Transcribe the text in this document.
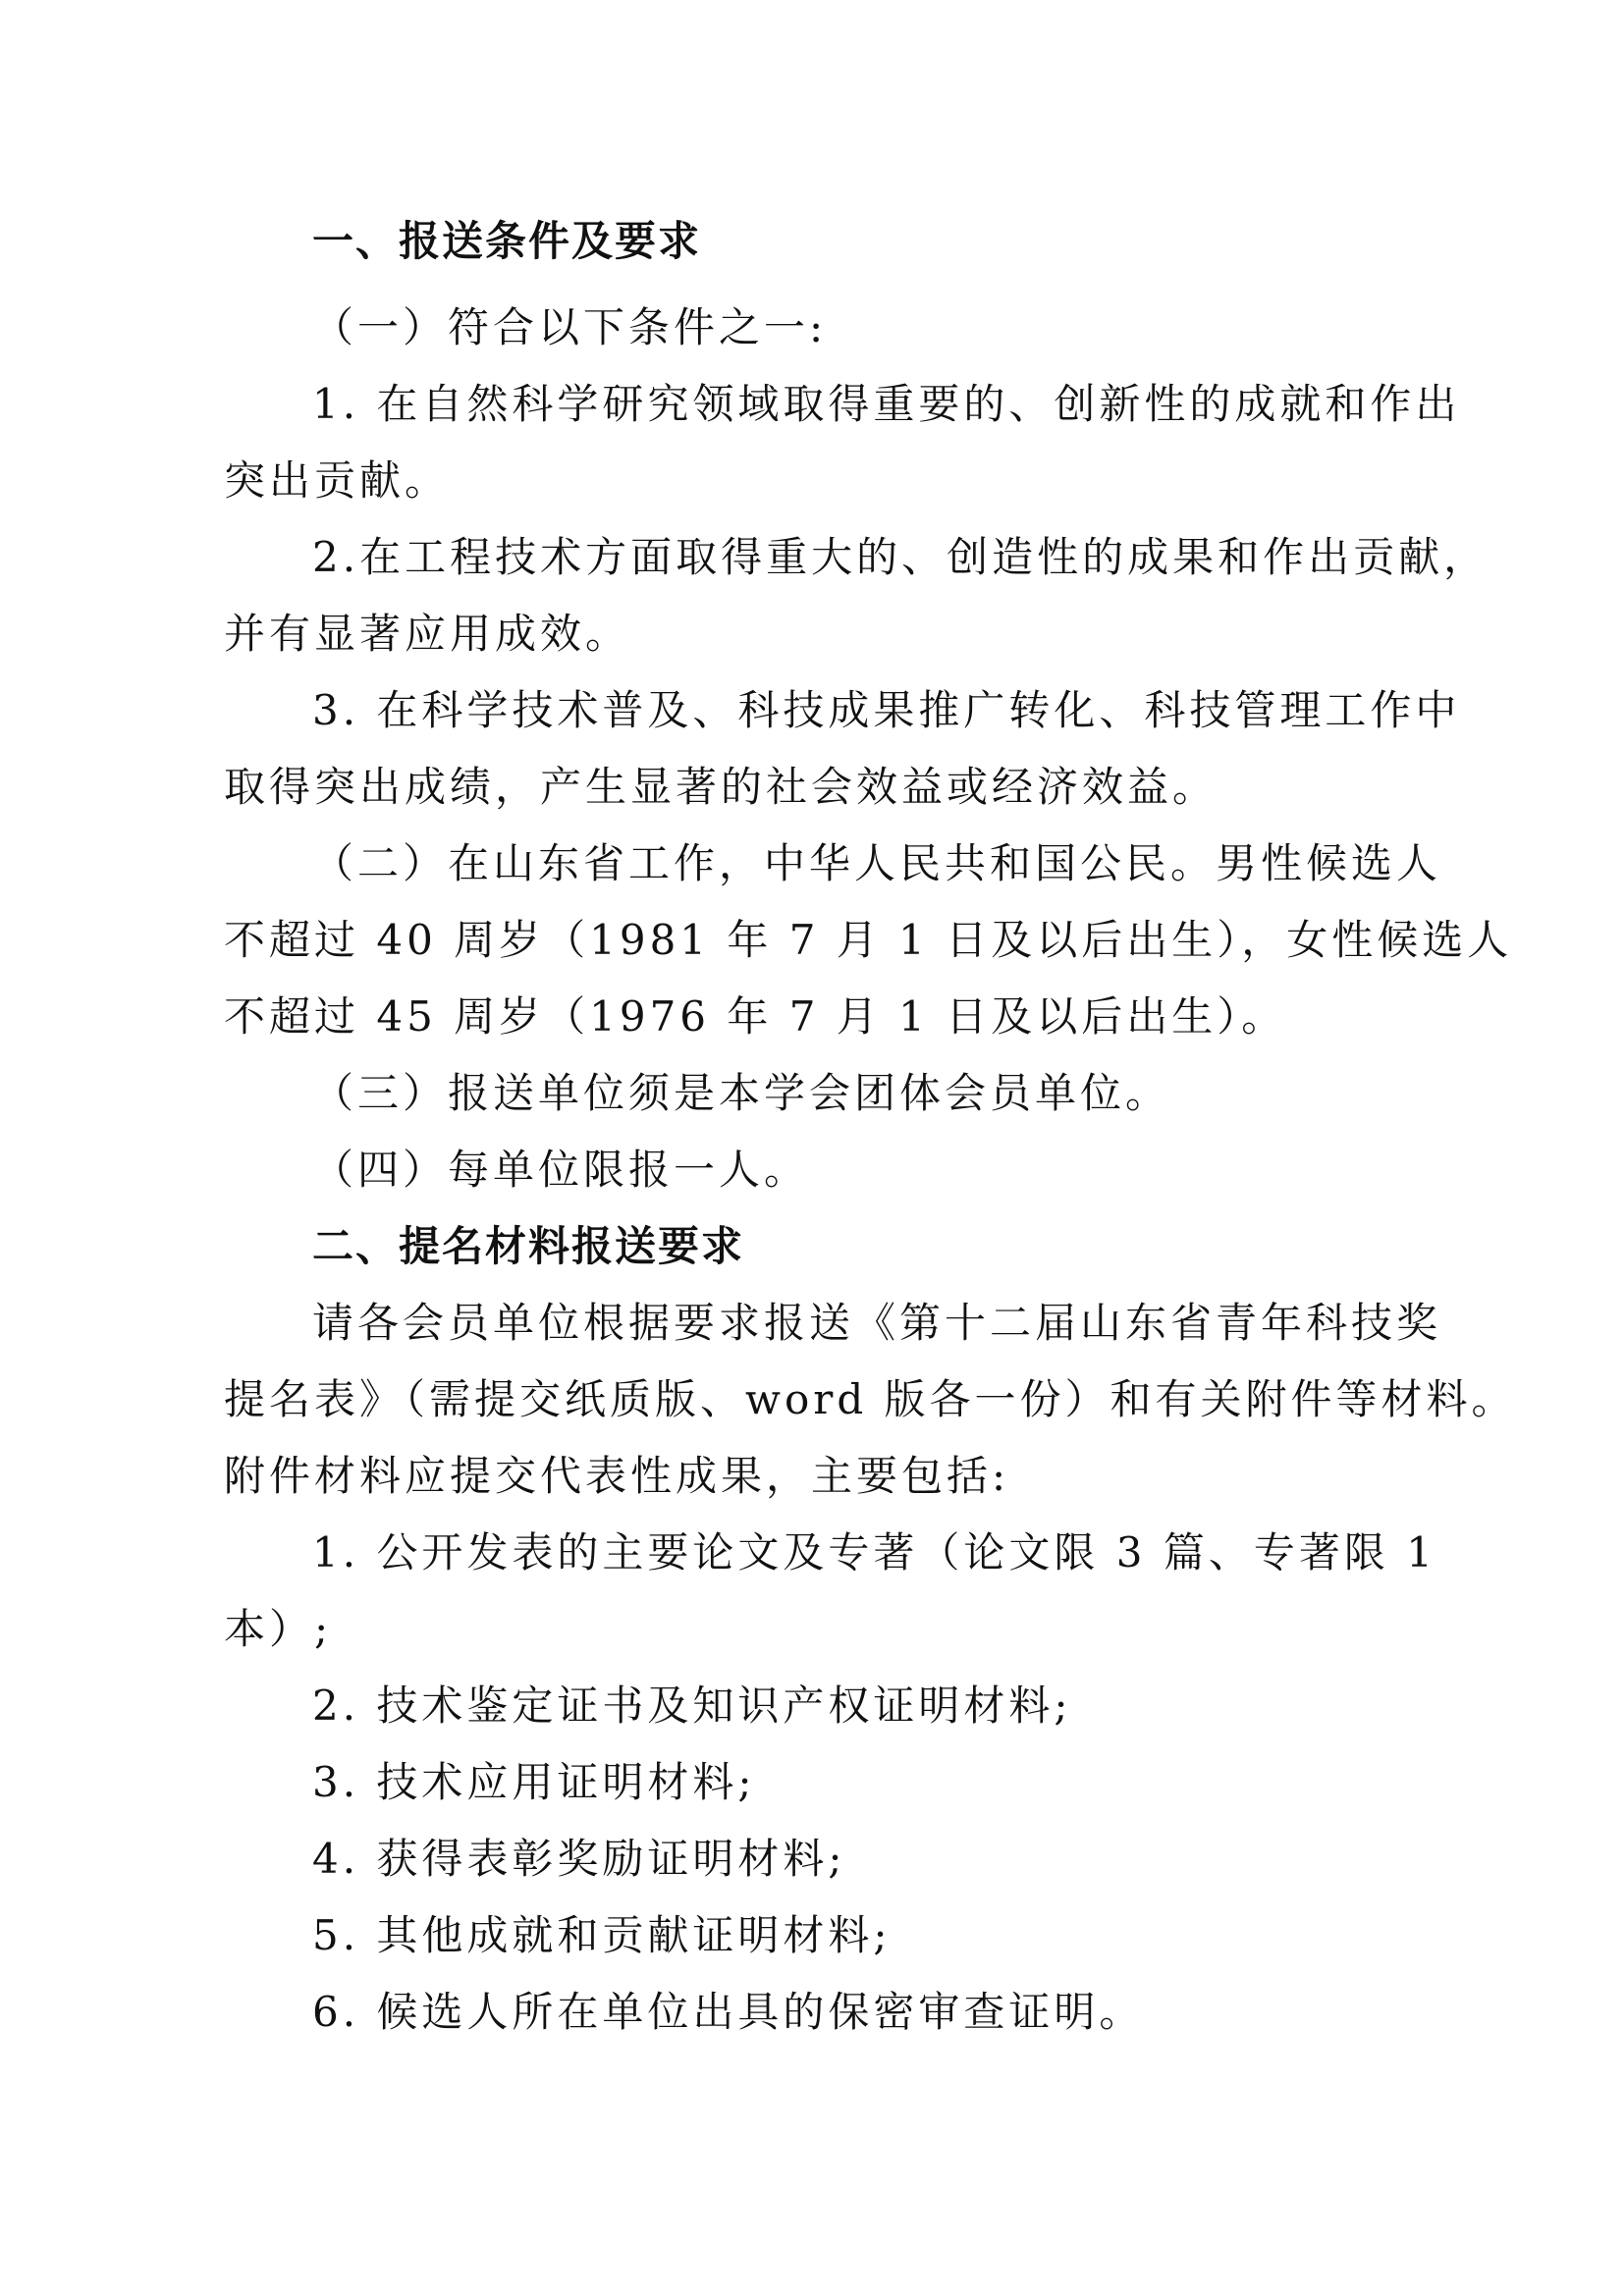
一、报送条件及要求
（一）符合以下条件之一:
1. 在自然科学研究领域取得重要的、创新性的成就和作出
突出贡献。
2.在工程技术方面取得重大的、创造性的成果和作出贡献，
并有显著应用成效。
3. 在科学技术普及、科技成果推广转化、科技管理工作中
取得突出成绩，产生显著的社会效益或经济效益。
（二）在山东省工作，中华人民共和国公民。男性候选人
不超过 40 周岁（1981 年 7 月 1 日及以后出生），女性候选人
不超过 45 周岁（1976 年 7 月 1 日及以后出生）。
（三）报送单位须是本学会团体会员单位。
（四）每单位限报一人。
二、提名材料报送要求
请各会员单位根据要求报送《第十二届山东省青年科技奖
提名表》（需提交纸质版、word 版各一份）和有关附件等材料。
附件材料应提交代表性成果，主要包括:
1. 公开发表的主要论文及专著（论文限 3 篇、专著限 1
本）;
2. 技术鉴定证书及知识产权证明材料;
3. 技术应用证明材料;
4. 获得表彰奖励证明材料;
5. 其他成就和贡献证明材料;
6. 候选人所在单位出具的保密审查证明。
